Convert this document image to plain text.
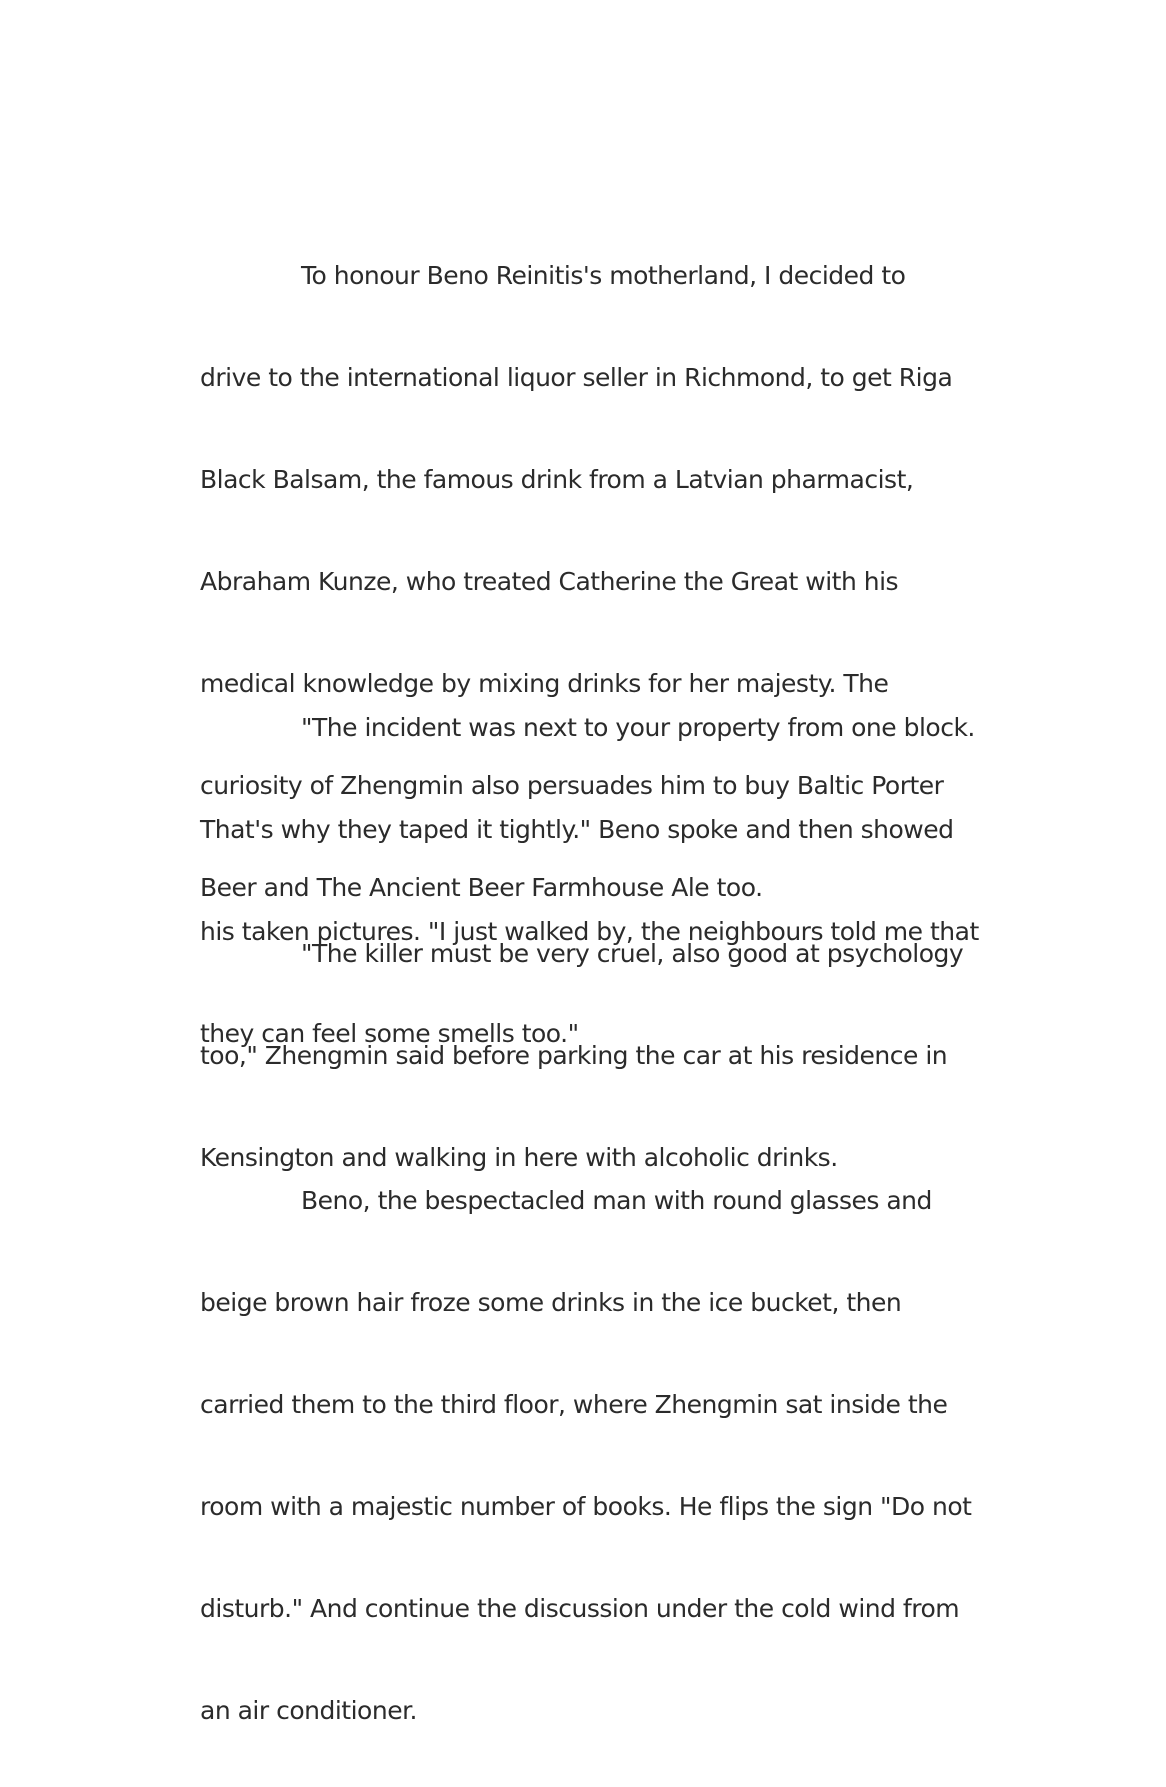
To honour Beno Reinitis's motherland, I decided to

drive to the international liquor seller in Richmond, to get Riga

Black Balsam, the famous drink from a Latvian pharmacist,

Abraham Kunze, who treated Catherine the Great with his

medical knowledge by mixing drinks for her majesty. The

curiosity of Zhengmin also persuades him to buy Baltic Porter

Beer and The Ancient Beer Farmhouse Ale too.

"The incident was next to your property from one block.

That's why they taped it tightly." Beno spoke and then showed

his taken pictures. "I just walked by, the neighbours told me that

they can feel some smells too."

"The killer must be very cruel, also good at psychology

too," Zhengmin said before parking the car at his residence in

Kensington and walking in here with alcoholic drinks.

Beno, the bespectacled man with round glasses and

beige brown hair froze some drinks in the ice bucket, then

carried them to the third floor, where Zhengmin sat inside the

room with a majestic number of books. He flips the sign "Do not

disturb." And continue the discussion under the cold wind from

an air conditioner.
